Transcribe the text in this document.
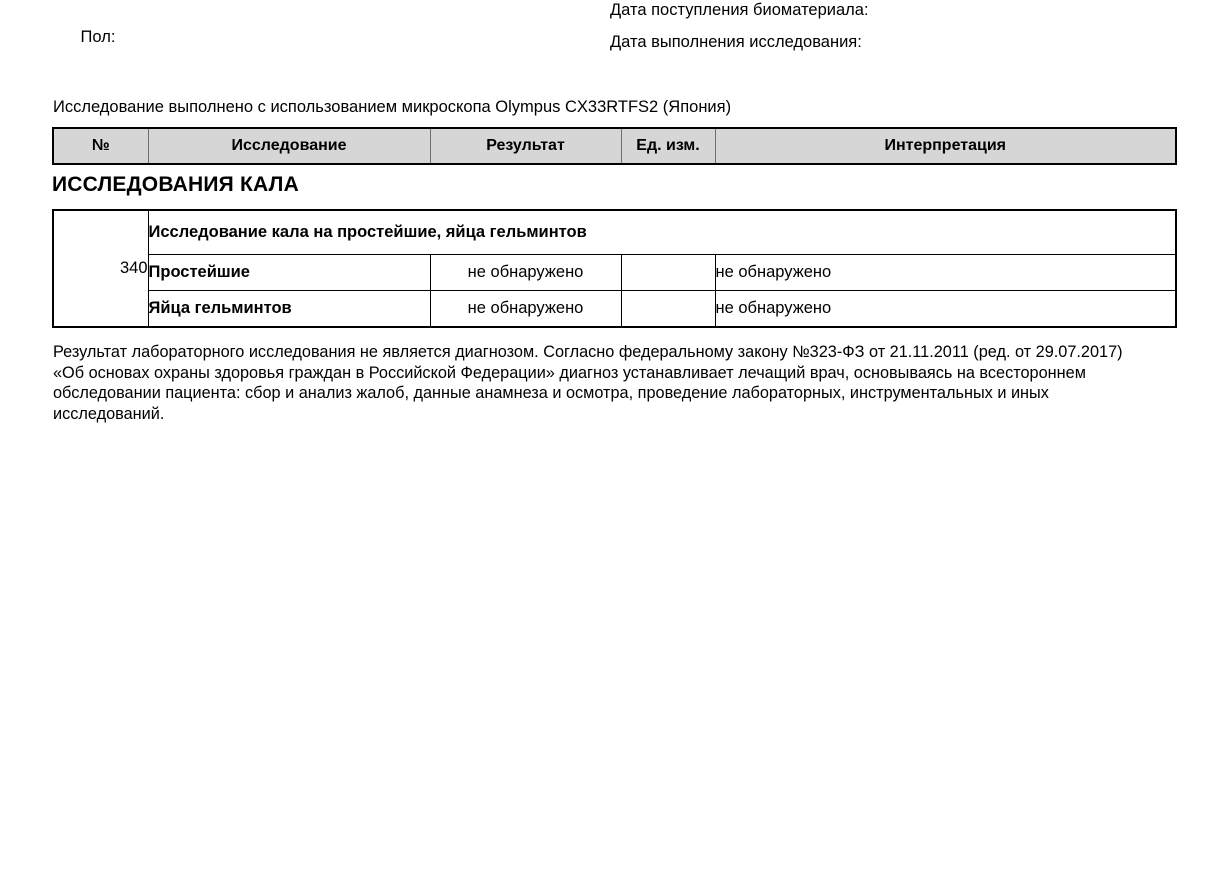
Пол:

Дата поступления биоматериала:
Дата выполнения исследования:
Исследование выполнено с использованием микроскопа Olympus CX33RTFS2 (Япония)
№	Исследование	Результат	Ед. изм.	Интерпретация
ИССЛЕДОВАНИЯ КАЛА
340	Исследование кала на простейшие, яйца гельминтов			
	Простейшие	не обнаружено		не обнаружено
	Яйца гельминтов	не обнаружено		не обнаружено
Результат лабораторного исследования не является диагнозом. Согласно федеральному закону №323-ФЗ от 21.11.2011 (ред. от 29.07.2017) «Об основах охраны здоровья граждан в Российской Федерации» диагноз устанавливает лечащий врач, основываясь на всестороннем обследовании пациента: сбор и анализ жалоб, данные анамнеза и осмотра, проведение лабораторных, инструментальных и иных исследований.
